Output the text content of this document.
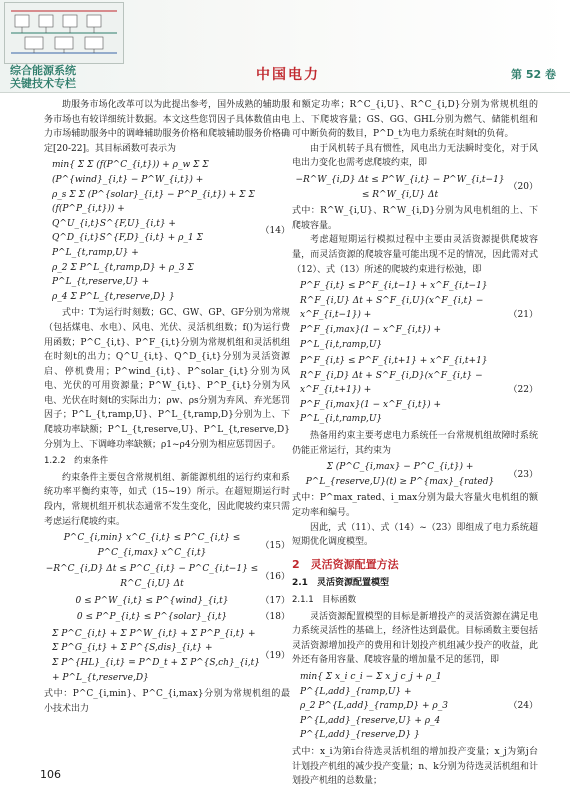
综合能源系统
关键技术专栏
中国电力	第 52 卷

助服务市场化改革可以为此提出参考，国外成熟的辅助服务市场也有较详细统计数据。本文这些您罚因子具体数值由电力市场辅助服务中的调峰辅助服务价格和爬坡辅助服务价格确定[20-22]。其目标函数可表示为

min{ Σ Σ (f(P^C_{i,t})) + ρ_w Σ Σ (P^{wind}_{i,t} − P^W_{i,t}) +
ρ_s Σ Σ (P^{solar}_{i,t} − P^P_{i,t}) + Σ Σ (f(P^P_{i,t})) +
Q^U_{i,t}S^{F,U}_{i,t} + Q^D_{i,t}S^{F,D}_{i,t} + ρ_1 Σ P^L_{t,ramp,U} +
ρ_2 Σ P^L_{t,ramp,D} + ρ_3 Σ P^L_{t,reserve,U} +
ρ_4 Σ P^L_{t,reserve,D} }
（14）

式中：T为运行时刻数；GC、GW、GP、GF分别为常规（包括煤电、水电）、风电、光伏、灵活机组数；f()为运行费用函数；P^C_{i,t}、P^F_{i,t}分别为常规机组和灵活机组在时刻t的出力；Q^U_{i,t}、Q^D_{i,t}分别为灵活资源启、停机费用；P^wind_{i,t}、P^solar_{i,t}分别为风电、光伏的可用资源量；P^W_{i,t}、P^P_{i,t}分别为风电、光伏在时刻t的实际出力；ρw、ρs分别为弃风、弃光惩罚因子；P^L_{t,ramp,U}、P^L_{t,ramp,D}分别为上、下爬坡功率缺额；P^L_{t,reserve,U}、P^L_{t,reserve,D}分别为上、下调峰功率缺额；ρ1~ρ4分别为相应惩罚因子。

1.2.2　约束条件

约束条件主要包含常规机组、新能源机组的运行约束和系统功率平衡约束等，如式（15~19）所示。在超短期运行时段内，常规机组开机状态通常不发生变化，因此爬坡约束只需考虑运行爬坡约束。

P^C_{i,min} x^C_{i,t} ≤ P^C_{i,t} ≤ P^C_{i,max} x^C_{i,t}
（15）
−R^C_{i,D} Δt ≤ P^C_{i,t} − P^C_{i,t−1} ≤ R^C_{i,U} Δt
（16）
0 ≤ P^W_{i,t} ≤ P^{wind}_{i,t}	（17）
0 ≤ P^P_{i,t} ≤ P^{solar}_{i,t}	（18）
Σ P^C_{i,t} + Σ P^W_{i,t} + Σ P^P_{i,t} + Σ P^G_{i,t} + Σ P^{S,dis}_{i,t} +
Σ P^{HL}_{i,t} = P^D_t + Σ P^{S,ch}_{i,t} + P^L_{t,reserve,D}
（19）

式中：P^C_{i,min}、P^C_{i,max}分别为常规机组的最小技术出力

和额定功率；R^C_{i,U}、R^C_{i,D}分别为常规机组的上、下爬坡容量；GS、GG、GHL分别为燃气、储能机组和可中断负荷的数目，P^D_t为电力系统在时刻t的负荷。

由于风机转子具有惯性，风电出力无法瞬时变化，对于风电出力变化也需考虑爬坡约束，即

−R^W_{i,D} Δt ≤ P^W_{i,t} − P^W_{i,t−1} ≤ R^W_{i,U} Δt
（20）

式中：R^W_{i,U}、R^W_{i,D}分别为风电机组的上、下爬坡容量。

考虑超短期运行模拟过程中主要由灵活资源提供爬坡容量，而灵活资源的爬坡容量可能出现不足的情况，因此需对式（12）、式（13）所述的爬坡约束进行松弛，即

P^F_{i,t} ≤ P^F_{i,t−1} + x^F_{i,t−1} R^F_{i,U} Δt + S^F_{i,U}(x^F_{i,t} − x^F_{i,t−1}) +
P^F_{i,max}(1 − x^F_{i,t}) + P^L_{i,t,ramp,U}
（21）
P^F_{i,t} ≤ P^F_{i,t+1} + x^F_{i,t+1} R^F_{i,D} Δt + S^F_{i,D}(x^F_{i,t} − x^F_{i,t+1}) +
P^F_{i,max}(1 − x^F_{i,t}) + P^L_{i,t,ramp,U}
（22）

热备用约束主要考虑电力系统任一台常规机组故障时系统仍能正常运行，其约束为

Σ (P^C_{i,max} − P^C_{i,t}) + P^L_{reserve,U}(t) ≥ P^{max}_{rated}
（23）

式中：P^max_rated、i_max分别为最大容量火电机组的额定功率和编号。

因此，式（11）、式（14）~（23）即组成了电力系统超短期优化调度模型。

2　灵活资源配置方法
2.1　灵活资源配置模型
2.1.1　目标函数

灵活资源配置模型的目标是新增投产的灵活资源在满足电力系统灵活性的基础上，经济性达到最优。目标函数主要包括灵活资源增加投产的费用和计划投产机组减少投产的收益，此外还有备用容量、爬坡容量的增加量不足的惩罚，即

min{ Σ x_i c_i − Σ x_j c_j + ρ_1 P^{L,add}_{ramp,U} +
ρ_2 P^{L,add}_{ramp,D} + ρ_3 P^{L,add}_{reserve,U} + ρ_4 P^{L,add}_{reserve,D} }
（24）

式中：x_i为第i台待选灵活机组的增加投产变量；x_j为第j台计划投产机组的减少投产变量；n、k分别为待选灵活机组和计划投产机组的总数量；

106
